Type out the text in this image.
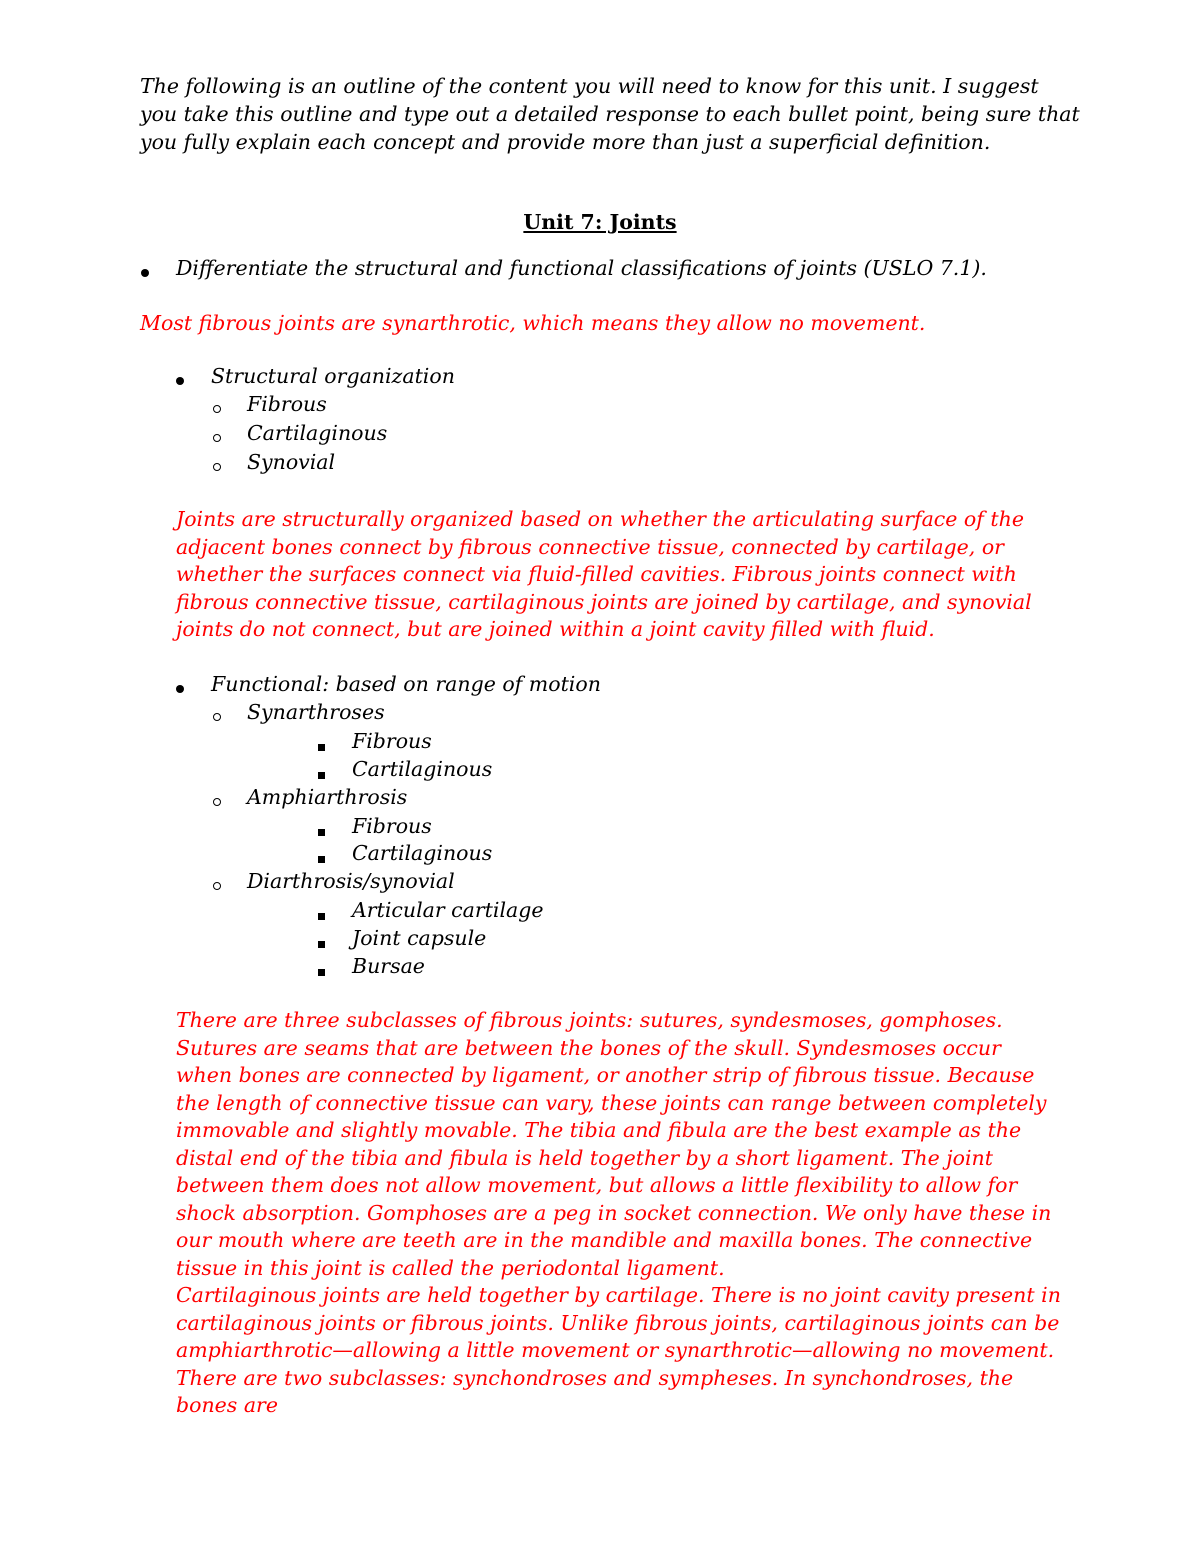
The following is an outline of the content you will need to know for this unit. I suggest you take this outline and type out a detailed response to each bullet point, being sure that you fully explain each concept and provide more than just a superficial definition.

Unit 7: Joints

Differentiate the structural and functional classifications of joints (USLO 7.1).

Most fibrous joints are synarthrotic, which means they allow no movement.

Structural organization

Fibrous

Cartilaginous

Synovial

Joints are structurally organized based on whether the articulating surface of the adjacent bones connect by fibrous connective tissue, connected by cartilage, or whether the surfaces connect via fluid-filled cavities. Fibrous joints connect with fibrous connective tissue, cartilaginous joints are joined by cartilage, and synovial joints do not connect, but are joined within a joint cavity filled with fluid.

Functional: based on range of motion

Synarthroses

Fibrous

Cartilaginous

Amphiarthrosis

Fibrous

Cartilaginous

Diarthrosis/synovial

Articular cartilage

Joint capsule

Bursae

There are three subclasses of fibrous joints: sutures, syndesmoses, gomphoses. Sutures are seams that are between the bones of the skull. Syndesmoses occur when bones are connected by ligament, or another strip of fibrous tissue. Because the length of connective tissue can vary, these joints can range between completely immovable and slightly movable. The tibia and fibula are the best example as the distal end of the tibia and fibula is held together by a short ligament. The joint between them does not allow movement, but allows a little flexibility to allow for shock absorption. Gomphoses are a peg in socket connection. We only have these in our mouth where are teeth are in the mandible and maxilla bones. The connective tissue in this joint is called the periodontal ligament.

Cartilaginous joints are held together by cartilage. There is no joint cavity present in cartilaginous joints or fibrous joints. Unlike fibrous joints, cartilaginous joints can be amphiarthrotic—allowing a little movement or synarthrotic—allowing no movement. There are two subclasses: synchondroses and sympheses. In synchondroses, the bones are
